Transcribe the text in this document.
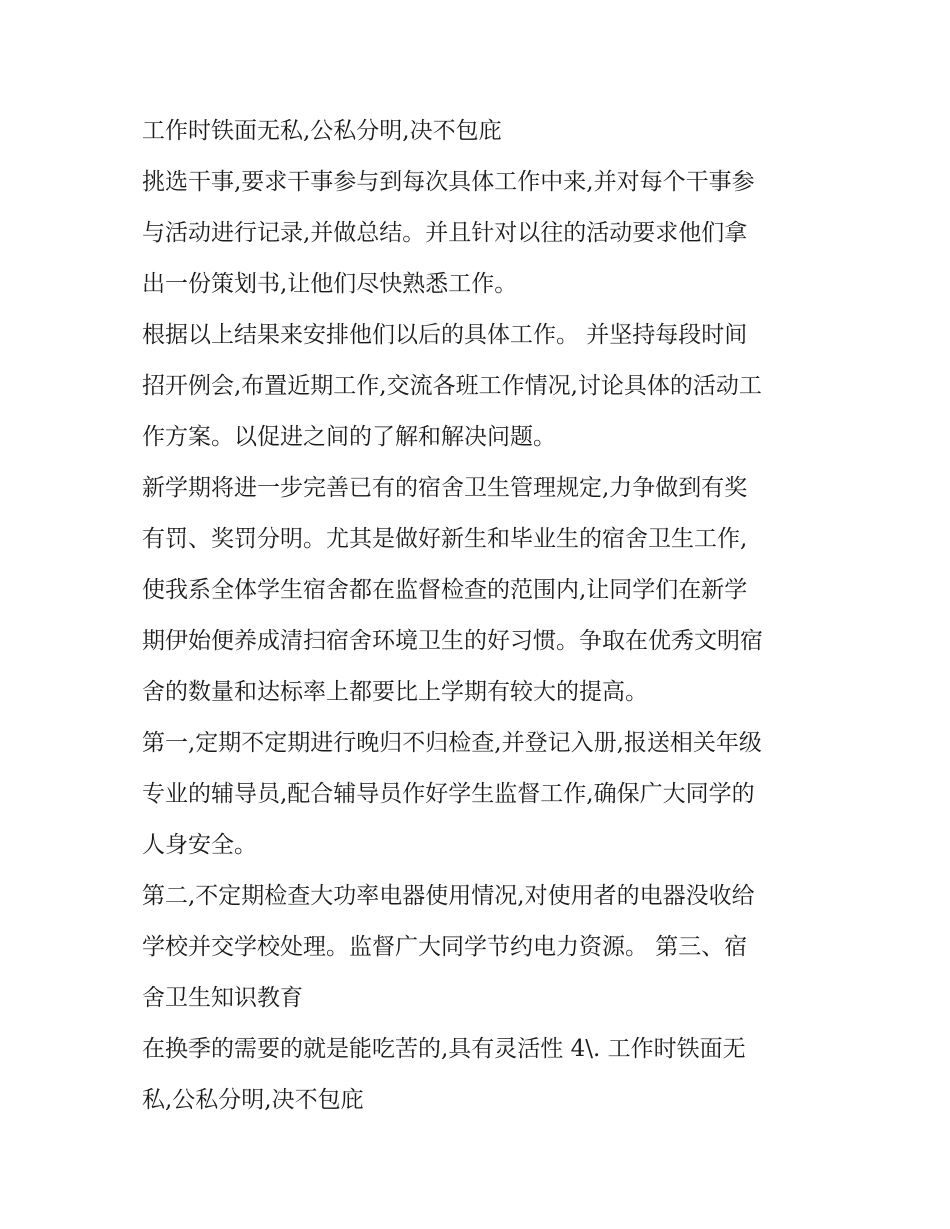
工作时铁面无私,公私分明,决不包庇
挑选干事,要求干事参与到每次具体工作中来,并对每个干事参
与活动进行记录,并做总结。并且针对以往的活动要求他们拿
出一份策划书,让他们尽快熟悉工作。
根据以上结果来安排他们以后的具体工作。 并坚持每段时间
招开例会,布置近期工作,交流各班工作情况,讨论具体的活动工
作方案。以促进之间的了解和解决问题。
新学期将进一步完善已有的宿舍卫生管理规定,力争做到有奖
有罚、奖罚分明。尤其是做好新生和毕业生的宿舍卫生工作,
使我系全体学生宿舍都在监督检查的范围内,让同学们在新学
期伊始便养成清扫宿舍环境卫生的好习惯。争取在优秀文明宿
舍的数量和达标率上都要比上学期有较大的提高。
第一,定期不定期进行晚归不归检查,并登记入册,报送相关年级
专业的辅导员,配合辅导员作好学生监督工作,确保广大同学的
人身安全。
第二,不定期检查大功率电器使用情况,对使用者的电器没收给
学校并交学校处理。监督广大同学节约电力资源。 第三、宿
舍卫生知识教育
在换季的需要的就是能吃苦的,具有灵活性 4\. 工作时铁面无
私,公私分明,决不包庇
